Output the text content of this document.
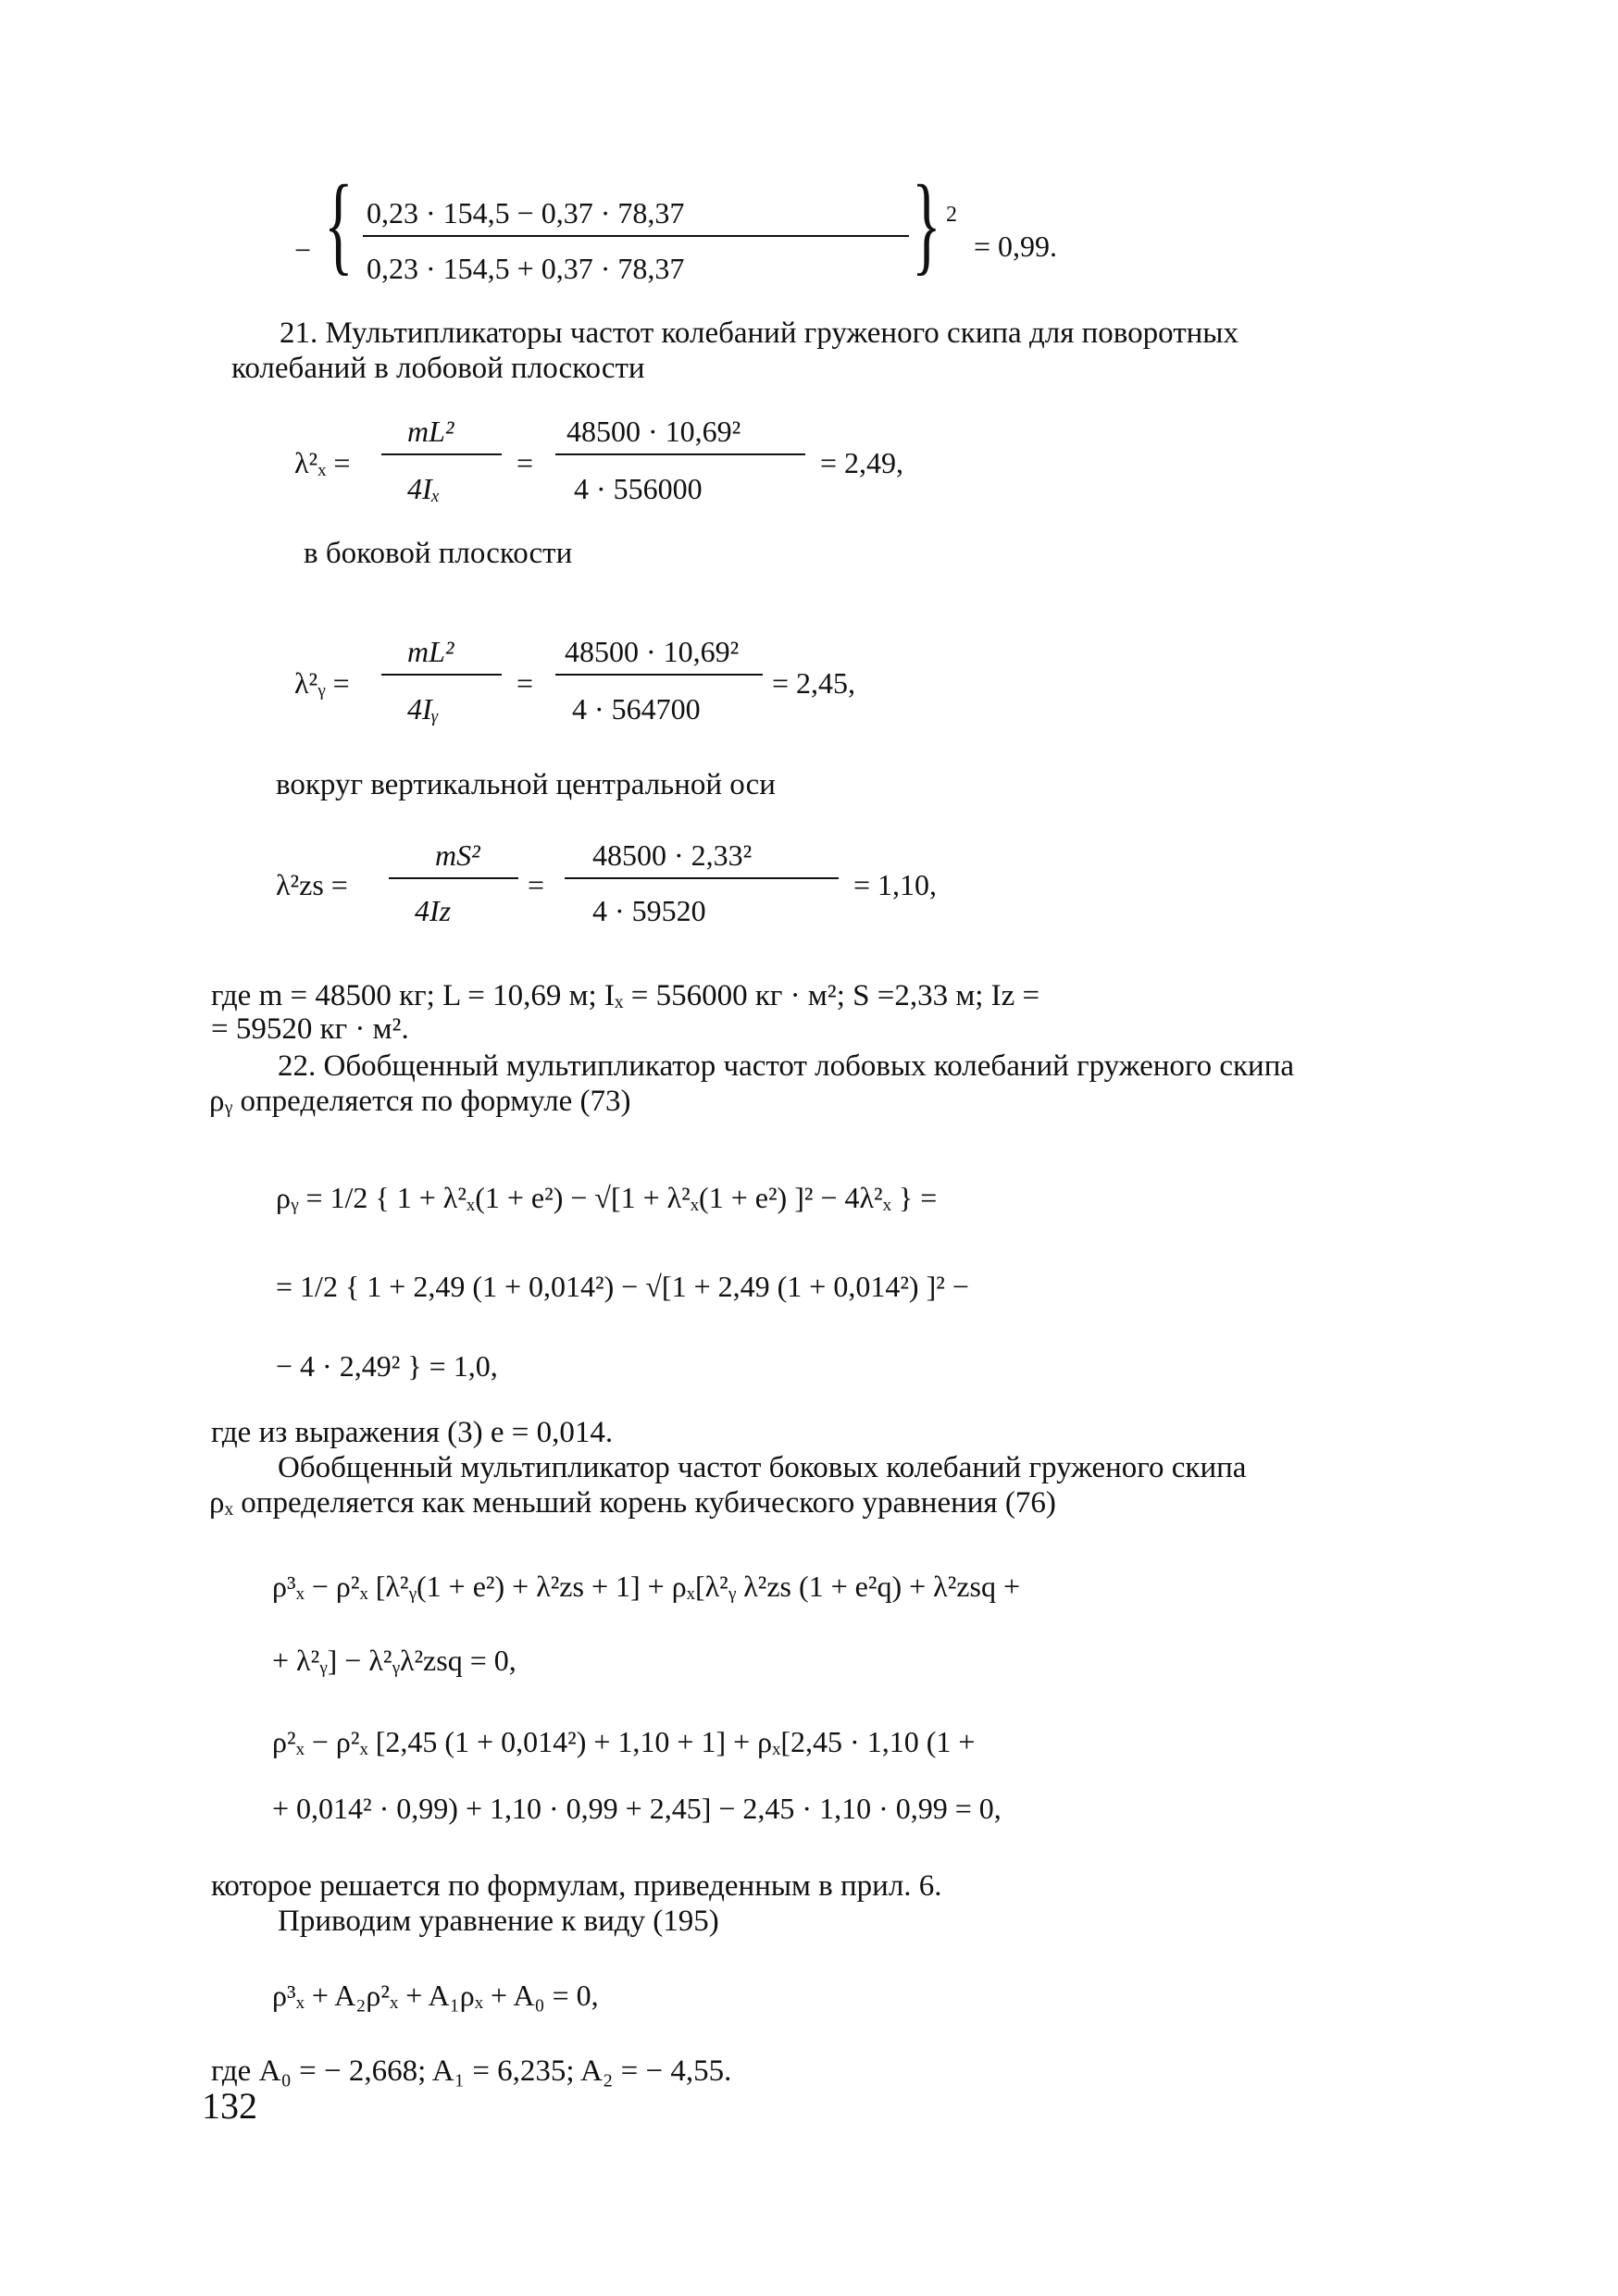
− { 0,23 · 154,5 − 0,37 · 78,37
0,23 · 154,5 + 0,37 · 78,37 } 2
= 0,99.
21. Мультипликаторы частот колебаний груженого скипа для поворотных
колебаний в лобовой плоскости
λ²ₓ =
mL²
4Iₓ
=
48500 · 10,69²
4 · 556000
= 2,49,
в боковой плоскости
λ²ᵧ =
mL²
4Iᵧ
=
48500 · 10,69²
4 · 564700
= 2,45,
вокруг вертикальной центральной оси
λ²zs =
mS²
4Iz
=
48500 · 2,33²
4 · 59520
= 1,10,
где m = 48500 кг; L = 10,69 м; Iₓ = 556000 кг · м²; S =2,33 м; Iz =
= 59520 кг · м².
22. Обобщенный мультипликатор частот лобовых колебаний груженого скипа
ρᵧ определяется по формуле (73)
ρᵧ = 1/2 { 1 + λ²ₓ(1 + e²) − √[1 + λ²ₓ(1 + e²) ]² − 4λ²ₓ } =
= 1/2 { 1 + 2,49 (1 + 0,014²) − √[1 + 2,49 (1 + 0,014²) ]² −
− 4 · 2,49² } = 1,0,
где из выражения (3) e = 0,014.
Обобщенный мультипликатор частот боковых колебаний груженого скипа
ρₓ определяется как меньший корень кубического уравнения (76)
ρ³ₓ − ρ²ₓ [λ²ᵧ(1 + e²) + λ²zs + 1] + ρₓ[λ²ᵧ λ²zs (1 + e²q) + λ²zsq +
+ λ²ᵧ] − λ²ᵧλ²zsq = 0,
ρ²ₓ − ρ²ₓ [2,45 (1 + 0,014²) + 1,10 + 1] + ρₓ[2,45 · 1,10 (1 +
+ 0,014² · 0,99) + 1,10 · 0,99 + 2,45] − 2,45 · 1,10 · 0,99 = 0,
которое решается по формулам, приведенным в прил. 6.
Приводим уравнение к виду (195)
ρ³ₓ + A₂ρ²ₓ + A₁ρₓ + A₀ = 0,
где A₀ = − 2,668; A₁ = 6,235; A₂ = − 4,55.
132
